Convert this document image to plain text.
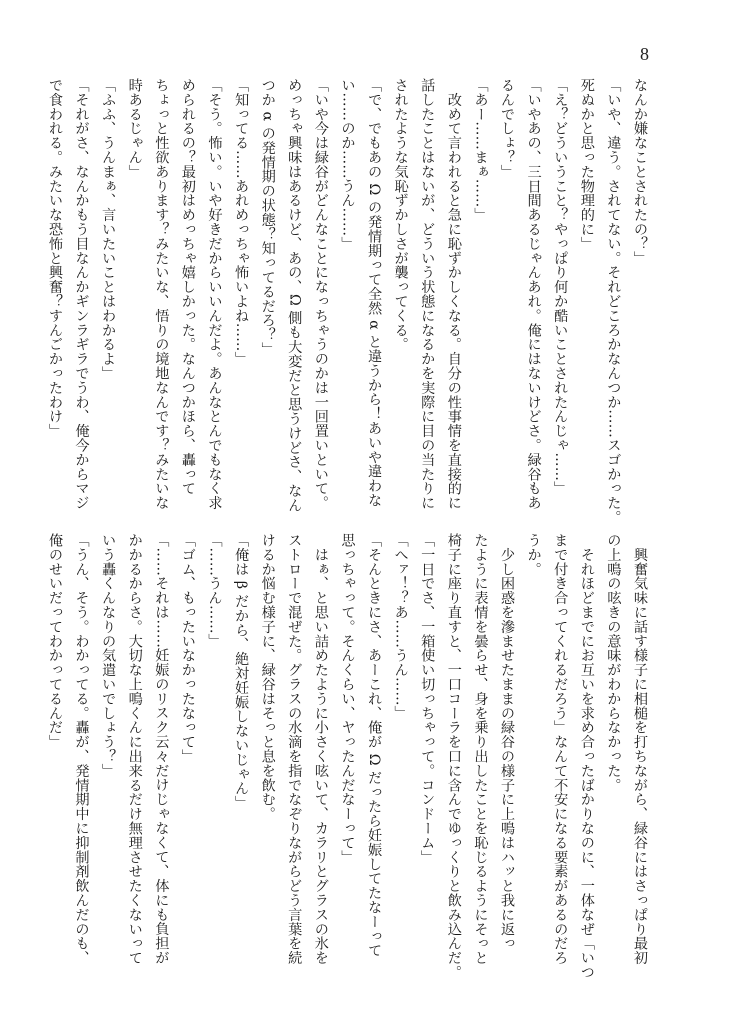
8
なんか嫌なことされたの？」
「いや、違う。されてない。それどころかなんつか……スゴかった。
死ぬかと思った物理的に」
「え？どういうこと？やっぱり何か酷いことされたんじゃ……」
「いやあの、三日間あるじゃんあれ。俺にはないけどさ。緑谷もあ
るんでしょ？」
「あー……まぁ……」
　改めて言われると急に恥ずかしくなる。自分の性事情を直接的に
話したことはないが、どういう状態になるかを実際に目の当たりに
されたような気恥ずかしさが襲ってくる。
「で、でもあの Ω の発情期って全然 α と違うから！あいや違わな
い……のか……うん……」
「いや今は緑谷がどんなことになっちゃうのかは一回置いといて。
めっちゃ興味はあるけど、あの、Ω 側も大変だと思うけどさ、なん
つか α の発情期の状態？知ってるだろ？」
「知ってる……あれめっちゃ怖いよね……」
「そう。怖い。いや好きだからいいんだよ。あんなとんでもなく求
められるの？最初はめっちゃ嬉しかった。なんつかほら、轟って
ちょっと性欲あります？みたいな、悟りの境地なんです？みたいな
時あるじゃん」
「ふふ、うんまぁ、言いたいことはわかるよ」
「それがさ、なんかもう目なんかギンラギラでうわ、俺今からマジ
で食われる。みたいな恐怖と興奮？すんごかったわけ」
　興奮気味に話す様子に相槌を打ちながら、緑谷にはさっぱり最初
の上鳴の呟きの意味がわからなかった。
　それほどまでにお互いを求め合ったばかりなのに、一体なぜ「いつ
まで付き合ってくれるだろう」なんて不安になる要素があるのだろ
うか。
　少し困惑を滲ませたままの緑谷の様子に上鳴はハッと我に返っ
たように表情を曇らせ、身を乗り出したことを恥じるようにそっと
椅子に座り直すと、一口コーラを口に含んでゆっくりと飲み込んだ。
「一日でさ、一箱使い切っちゃって。コンドーム」
「へァ！？あ……うん……」
「そんときにさ、あーこれ、俺が Ω だったら妊娠してたなーって
思っちゃって。そんくらい、ヤったんだなーって」
　はぁ、と思い詰めたように小さく呟いて、カラリとグラスの氷を
ストローで混ぜた。グラスの水滴を指でなぞりながらどう言葉を続
けるか悩む様子に、緑谷はそっと息を飲む。
「俺は β だから、絶対妊娠しないじゃん」
「……うん……」
「ゴム、もったいなかったなって」
「……それは……妊娠のリスク云々だけじゃなくて、体にも負担が
かかるからさ。大切な上鳴くんに出来るだけ無理させたくないって
いう轟くんなりの気遣いでしょう？」
「うん、そう。わかってる。轟が、発情期中に抑制剤飲んだのも、
俺のせいだってわかってるんだ」
